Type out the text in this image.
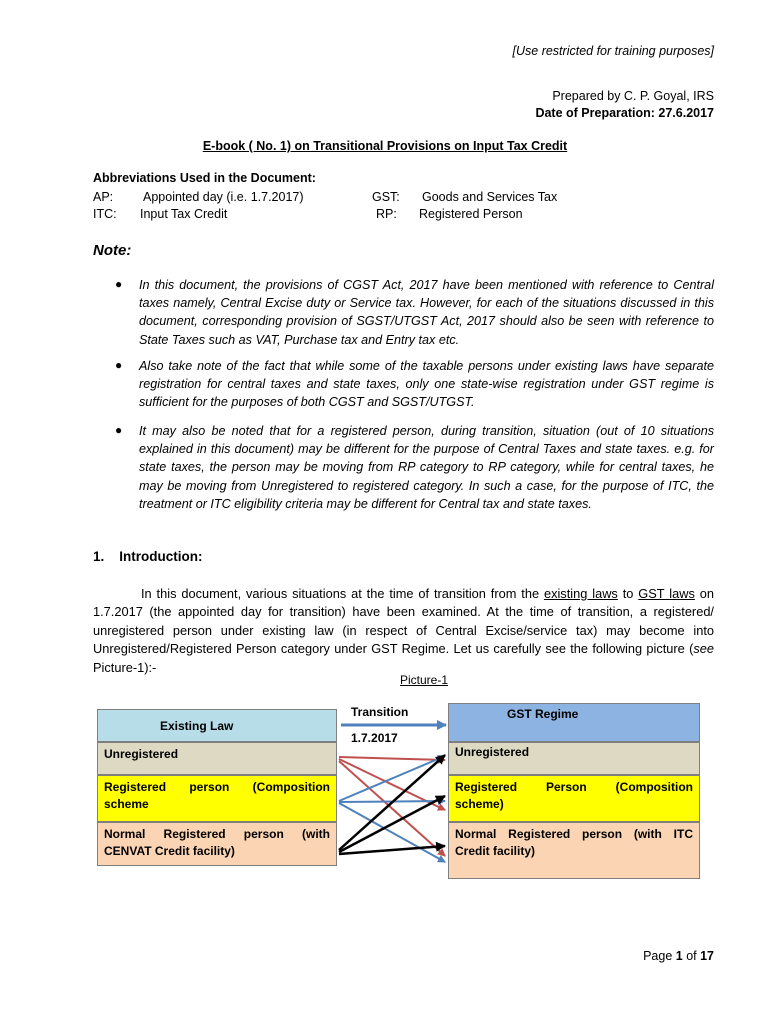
[Use restricted for training purposes]
Prepared by C. P. Goyal, IRS
Date of Preparation: 27.6.2017
E-book ( No. 1) on Transitional Provisions on Input Tax Credit
Abbreviations Used in the Document:
AP: Appointed day (i.e. 1.7.2017)
ITC: Input Tax Credit
GST: Goods and Services Tax
RP: Registered Person
Note:
● In this document, the provisions of CGST Act, 2017 have been mentioned with reference to Central taxes namely, Central Excise duty or Service tax. However, for each of the situations discussed in this document, corresponding provision of SGST/UTGST Act, 2017 should also be seen with reference to State Taxes such as VAT, Purchase tax and Entry tax etc.
● Also take note of the fact that while some of the taxable persons under existing laws have separate registration for central taxes and state taxes, only one state-wise registration under GST regime is sufficient for the purposes of both CGST and SGST/UTGST.
● It may also be noted that for a registered person, during transition, situation (out of 10 situations explained in this document) may be different for the purpose of Central Taxes and state taxes. e.g. for state taxes, the person may be moving from RP category to RP category, while for central taxes, he may be moving from Unregistered to registered category. In such a case, for the purpose of ITC, the treatment or ITC eligibility criteria may be different for Central tax and state taxes.
1.    Introduction:
In this document, various situations at the time of transition from the existing laws to GST laws on 1.7.2017 (the appointed day for transition) have been examined. At the time of transition, a registered/ unregistered person under existing law (in respect of Central Excise/service tax) may become into Unregistered/Registered Person category under GST Regime. Let us carefully see the following picture (see Picture-1):-
Picture-1
Existing Law
Unregistered
Registered person (Composition scheme
Normal Registered person (with CENVAT Credit facility)
Transition
1.7.2017
GST Regime
Unregistered
Registered Person (Composition scheme)
Normal Registered person (with ITC Credit facility)
Page 1 of 17
